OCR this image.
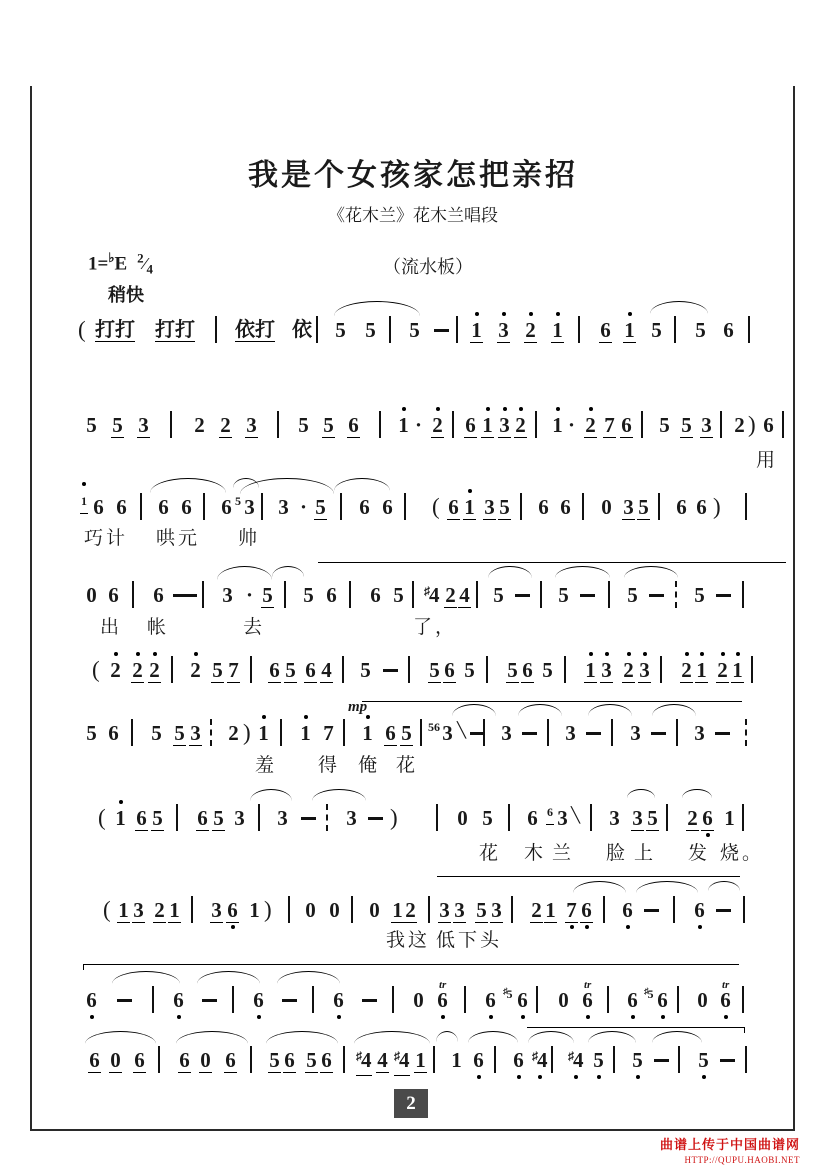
我是个女孩家怎把亲招
《花木兰》花木兰唱段
1=♭E $^2⁄_4$
稍快
（流水板）
( 打打 打打 依打 依 5 5 5 1 3 2 1 6 1 5 5 6
5 5 3 2 2 3 5 5 6 1 · 2 6 1 3 2 1 · 2 7 6 5 5 3 2 ) 6
用
1 6 6 6 6 6 5 3 3 · 5 6 6 ( 6 1 3 5 6 6 0 3 5 6 6 )
巧计 哄元 帅
0 6 6	3 · 5 5 6 6 5 ♯4 2 4 5	5	5	5
出 帐	去	了，
( 2 2 2 2 5 7 6 5 6 4 5	5 6 5 5 6 5 1 3 2 3 2 1 2 1
5 6 5 5 3 2 ) 1 1 7 1 6 5 56 3 ╲ 3	3	3	3
mp
羞 得 俺 花
( 1 6 5 6 5 3 3	3 )	0 5 6 6 3 ╲ 3 3 5 2 6 1
花 木 兰 脸 上 发 烧。
( 1 3 2 1 3 6 1 ) 0 0 0 1 2 3 3 5 3 2 1 7 6 6	6
我这 低下头
6	6	6	6	0 6
tr
6 ♯5 6 0 6
tr
6 ♯5 6 0 6
tr
6 0 6 6 0 6 5 6 5 6 ♯4 4 ♯4 1 1 6 6 ♯4 ♯4 5 5	5
2
曲谱上传于中国曲谱网
HTTP://QUPU.HAOBI.NET
